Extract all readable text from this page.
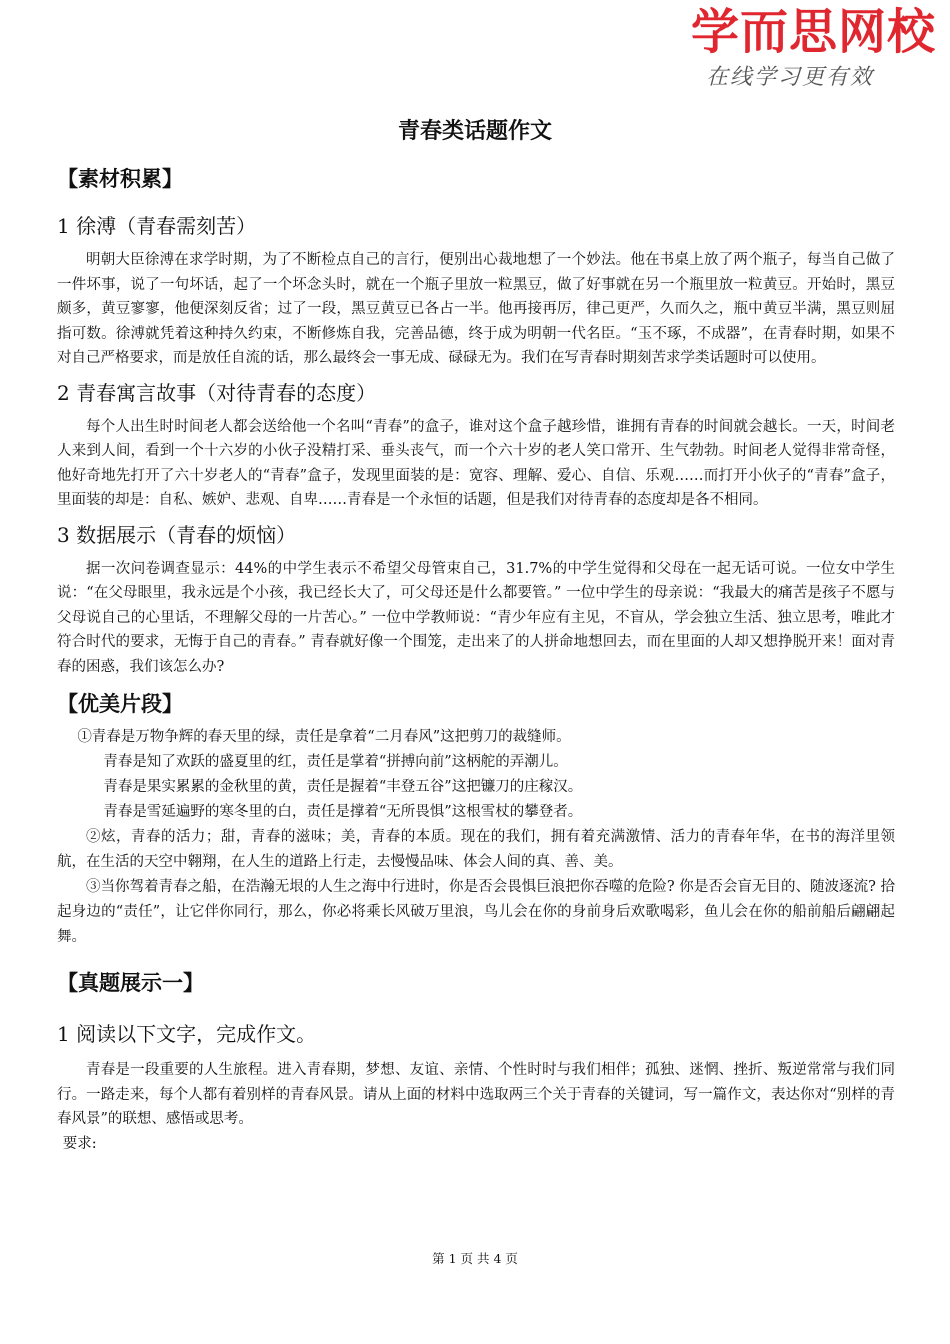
学而思网校
在线学习更有效
青春类话题作文
【素材积累】
1 徐溥（青春需刻苦）

明朝大臣徐溥在求学时期，为了不断检点自己的言行，便别出心裁地想了一个妙法。他在书桌上放了两个瓶子，每当自己做了一件坏事，说了一句坏话，起了一个坏念头时，就在一个瓶子里放一粒黑豆，做了好事就在另一个瓶里放一粒黄豆。开始时，黑豆颇多，黄豆寥寥，他便深刻反省；过了一段，黑豆黄豆已各占一半。他再接再厉，律己更严，久而久之，瓶中黄豆半满，黑豆则屈指可数。徐溥就凭着这种持久约束，不断修炼自我，完善品德，终于成为明朝一代名臣。“玉不琢，不成器”，在青春时期，如果不对自己严格要求，而是放任自流的话，那么最终会一事无成、碌碌无为。我们在写青春时期刻苦求学类话题时可以使用。

2 青春寓言故事（对待青春的态度）

每个人出生时时间老人都会送给他一个名叫“青春”的盒子，谁对这个盒子越珍惜，谁拥有青春的时间就会越长。一天，时间老人来到人间，看到一个十六岁的小伙子没精打采、垂头丧气，而一个六十岁的老人笑口常开、生气勃勃。时间老人觉得非常奇怪，他好奇地先打开了六十岁老人的“青春”盒子，发现里面装的是：宽容、理解、爱心、自信、乐观……而打开小伙子的“青春”盒子，里面装的却是：自私、嫉妒、悲观、自卑……青春是一个永恒的话题，但是我们对待青春的态度却是各不相同。

3 数据展示（青春的烦恼）

据一次问卷调查显示：44%的中学生表示不希望父母管束自己，31.7%的中学生觉得和父母在一起无话可说。一位女中学生说：“在父母眼里，我永远是个小孩，我已经长大了，可父母还是什么都要管。” 一位中学生的母亲说：“我最大的痛苦是孩子不愿与父母说自己的心里话，不理解父母的一片苦心。” 一位中学教师说：“青少年应有主见，不盲从，学会独立生活、独立思考，唯此才符合时代的要求，无悔于自己的青春。” 青春就好像一个围笼，走出来了的人拼命地想回去，而在里面的人却又想挣脱开来！面对青春的困惑，我们该怎么办?

【优美片段】

①青春是万物争辉的春天里的绿，责任是拿着“二月春风”这把剪刀的裁缝师。

青春是知了欢跃的盛夏里的红，责任是掌着“拼搏向前”这柄舵的弄潮儿。

青春是果实累累的金秋里的黄，责任是握着“丰登五谷”这把镰刀的庄稼汉。

青春是雪延遍野的寒冬里的白，责任是撑着“无所畏惧”这根雪杖的攀登者。

②炫，青春的活力；甜，青春的滋味；美，青春的本质。现在的我们，拥有着充满激情、活力的青春年华，在书的海洋里领航，在生活的天空中翱翔，在人生的道路上行走，去慢慢品味、体会人间的真、善、美。

③当你驾着青春之船，在浩瀚无垠的人生之海中行进时，你是否会畏惧巨浪把你吞噬的危险? 你是否会盲无目的、随波逐流? 拾起身边的“责任”，让它伴你同行，那么，你必将乘长风破万里浪，鸟儿会在你的身前身后欢歌喝彩，鱼儿会在你的船前船后翩翩起舞。

【真题展示一】
1 阅读以下文字，完成作文。

青春是一段重要的人生旅程。进入青春期，梦想、友谊、亲情、个性时时与我们相伴；孤独、迷惘、挫折、叛逆常常与我们同行。一路走来，每个人都有着别样的青春风景。请从上面的材料中选取两三个关于青春的关键词，写一篇作文，表达你对“别样的青春风景”的联想、感悟或思考。

要求:

第 1 页 共 4 页
